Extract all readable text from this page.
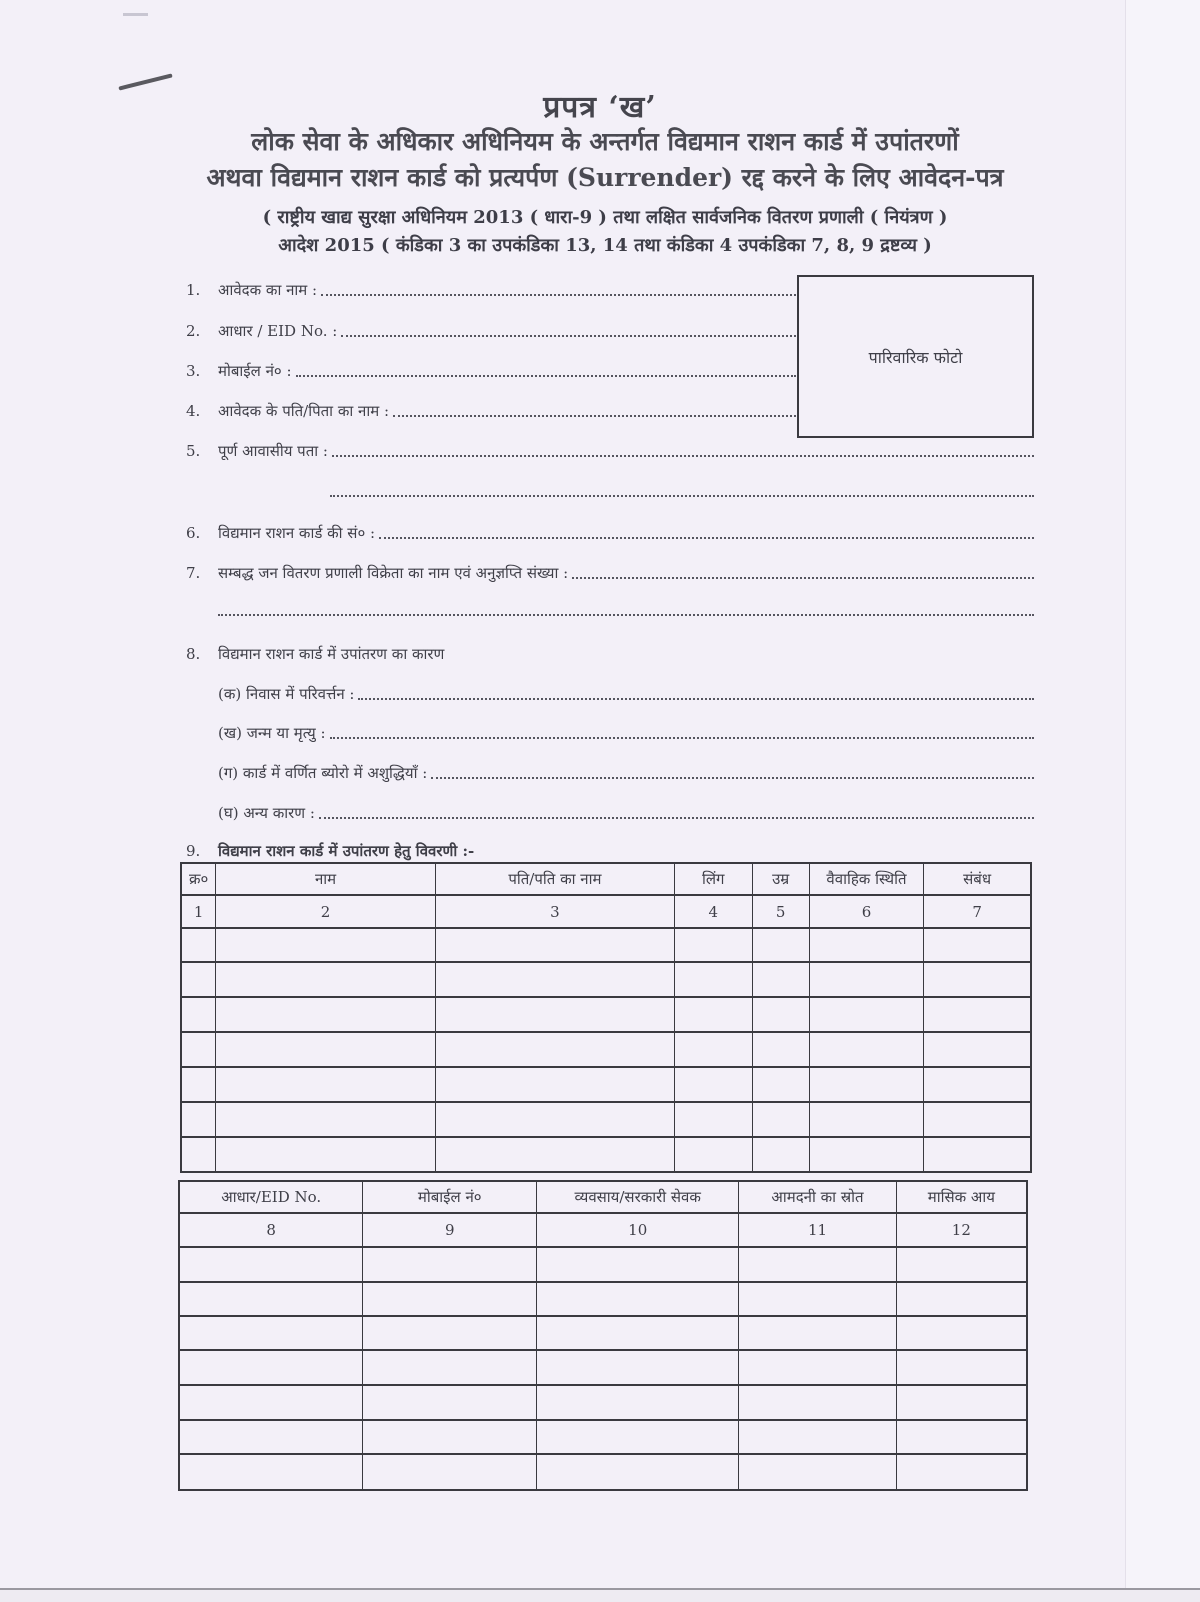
प्रपत्र ‘ख’
लोक सेवा के अधिकार अधिनियम के अन्तर्गत विद्यमान राशन कार्ड में उपांतरणों
अथवा विद्यमान राशन कार्ड को प्रत्यर्पण (Surrender) रद्द करने के लिए आवेदन-पत्र
( राष्ट्रीय खाद्य सुरक्षा अधिनियम 2013 ( धारा-9 ) तथा लक्षित सार्वजनिक वितरण प्रणाली ( नियंत्रण )
आदेश 2015 ( कंडिका 3 का उपकंडिका 13, 14 तथा कंडिका 4 उपकंडिका 7, 8, 9 द्रष्टव्य )
पारिवारिक फोटो
1.	आवेदक का नाम :
2.	आधार / EID No. :
3.	मोबाईल नं० :
4.	आवेदक के पति/पिता का नाम :
5.	पूर्ण आवासीय पता :
6.	विद्यमान राशन कार्ड की सं० :
7.	सम्बद्ध जन वितरण प्रणाली विक्रेता का नाम एवं अनुज्ञप्ति संख्या :
8.	विद्यमान राशन कार्ड में उपांतरण का कारण
(क) निवास में परिवर्त्तन :
(ख) जन्म या मृत्यु :
(ग) कार्ड में वर्णित ब्योरो में अशुद्धियाँ :
(घ) अन्य कारण :
9.	विद्यमान राशन कार्ड में उपांतरण हेतु विवरणी :-
क्र०	नाम	पति/पति का नाम	लिंग	उम्र	वैवाहिक स्थिति	संबंध
1	2	3	4	5	6	7

आधार/EID No.	मोबाईल नं०	व्यवसाय/सरकारी सेवक	आमदनी का स्रोत	मासिक आय
8	9	10	11	12
